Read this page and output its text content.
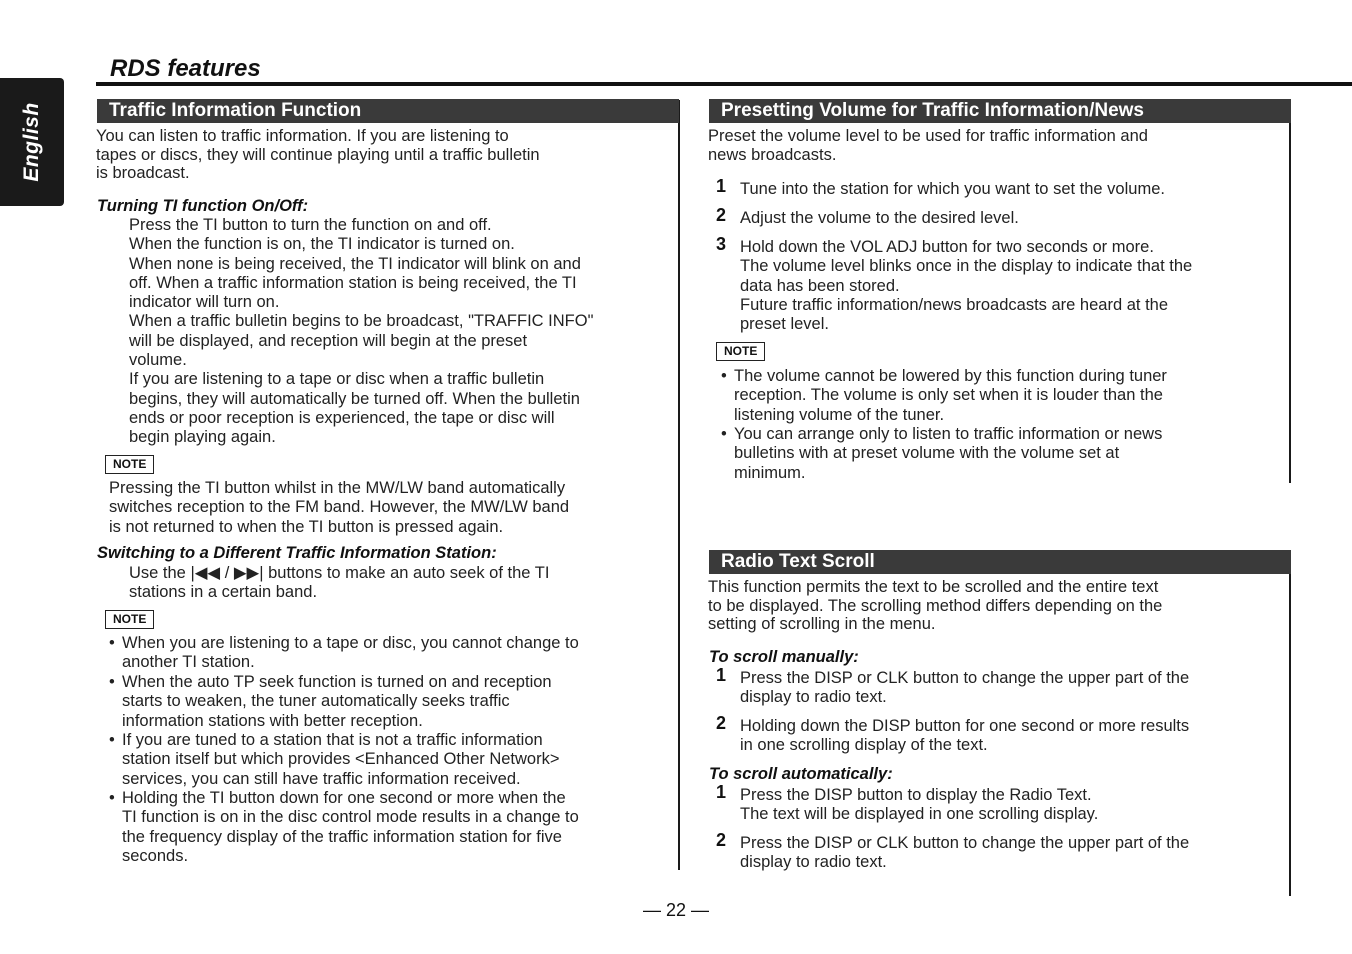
English
RDS features
Traffic Information Function
You can listen to traffic information. If you are listening to
tapes or discs, they will continue playing until a traffic bulletin
is broadcast.
Turning TI function On/Off:
Press the TI button to turn the function on and off.
When the function is on, the TI indicator is turned on.
When none is being received, the TI indicator will blink on and
off. When a traffic information station is being received, the TI
indicator will turn on.
When a traffic bulletin begins to be broadcast, "TRAFFIC INFO"
will be displayed, and reception will begin at the preset
volume.
If you are listening to a tape or disc when a traffic bulletin
begins, they will automatically be turned off. When the bulletin
ends or poor reception is experienced, the tape or disc will
begin playing again.
NOTE
Pressing the TI button whilst in the MW/LW band automatically
switches reception to the FM band. However, the MW/LW band
is not returned to when the TI button is pressed again.
Switching to a Different Traffic Information Station:
Use the |◀◀ / ▶▶| buttons to make an auto seek of the TI
stations in a certain band.
NOTE
• When you are listening to a tape or disc, you cannot change to
another TI station.
• When the auto TP seek function is turned on and reception
starts to weaken, the tuner automatically seeks traffic
information stations with better reception.
• If you are tuned to a station that is not a traffic information
station itself but which provides <Enhanced Other Network>
services, you can still have traffic information received.
• Holding the TI button down for one second or more when the
TI function is on in the disc control mode results in a change to
the frequency display of the traffic information station for five
seconds.
Presetting Volume for Traffic Information/News
Preset the volume level to be used for traffic information and
news broadcasts.
1 Tune into the station for which you want to set the volume.
2 Adjust the volume to the desired level.
3 Hold down the VOL ADJ button for two seconds or more.
The volume level blinks once in the display to indicate that the
data has been stored.
Future traffic information/news broadcasts are heard at the
preset level.
NOTE
• The volume cannot be lowered by this function during tuner
reception. The volume is only set when it is louder than the
listening volume of the tuner.
• You can arrange only to listen to traffic information or news
bulletins with at preset volume with the volume set at
minimum.
Radio Text Scroll
This function permits the text to be scrolled and the entire text
to be displayed. The scrolling method differs depending on the
setting of scrolling in the menu.
To scroll manually:
1 Press the DISP or CLK button to change the upper part of the
display to radio text.
2 Holding down the DISP button for one second or more results
in one scrolling display of the text.
To scroll automatically:
1 Press the DISP button to display the Radio Text.
The text will be displayed in one scrolling display.
2 Press the DISP or CLK button to change the upper part of the
display to radio text.
— 22 —
